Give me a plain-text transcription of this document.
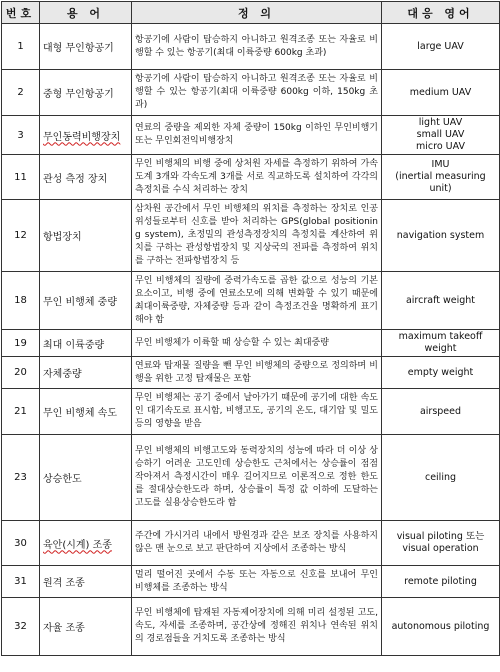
번호	용 어	정 의	대응 영어
1	대형 무인항공기	항공기에 사람이 탑승하지 아니하고 원격조종 또는 자율로 비행할 수 있는 항공기(최대 이륙중량 600kg 초과)	large UAV
2	중형 무인항공기	항공기에 사람이 탑승하지 아니하고 원격조종 또는 자율로 비행할 수 있는 항공기(최대 이륙중량 600kg 이하, 150kg 초과)	medium UAV
3	무인동력비행장치	연료의 중량을 제외한 자체 중량이 150kg 이하인 무인비행기 또는 무인회전익비행장치	light UAV
small UAV
micro UAV
11	관성 측정 장치	무인 비행체의 비행 중에 상처원 자세를 측정하기 위하여 가속도계 3개와 각속도계 3개를 서로 직교하도록 설치하여 각각의 측정치를 수식 처리하는 장치	IMU
(inertial measuring
unit)
12	항법장치	삼차원 공간에서 무인 비행체의 위치를 측정하는 장치로 인공위성들로부터 신호를 받아 처리하는 GPS(global positioning system), 초정밀의 관성측정장치의 측정치를 계산하여 위치를 구하는 관성항법장치 및 지상국의 전파를 측정하여 위치를 구하는 전파항법장치 등	navigation system
18	무인 비행체 중량	무인 비행체의 질량에 중력가속도를 곱한 값으로 성능의 기본요소이고, 비행 중에 연료소모에 의해 변화할 수 있기 때문에 최대이륙중량, 자체중량 등과 같이 측정조건을 명확하게 표기해야 함	aircraft weight
19	최대 이륙중량	무인 비행체가 이륙할 때 상승할 수 있는 최대중량	maximum takeoff
weight
20	자체중량	연료와 탑재물 질량을 뺀 무인 비행체의 중량으로 정의하며 비행을 위한 고정 탑재물은 포함	empty weight
21	무인 비행체 속도	무인 비행체는 공기 중에서 날아가기 때문에 공기에 대한 속도인 대기속도로 표시함, 비행고도, 공기의 온도, 대기압 및 밀도 등의 영향을 받음	airspeed
23	상승한도	무인 비행체의 비행고도와 동력장치의 성능에 따라 더 이상 상승하기 어려운 고도인데 상승한도 근처에서는 상승률이 점점 작아져서 측정시간이 매우 길어지므로 이론적으로 정한 한도를 절대상승한도라 하며, 상승률이 특정 값 이하에 도달하는 고도를 실용상승한도라 함	ceiling
30	육안(시계) 조종	주간에 가시거리 내에서 방원경과 같은 보조 장치를 사용하지 않은 맨 눈으로 보고 판단하여 지상에서 조종하는 방식	visual piloting 또는
visual operation
31	원격 조종	멀리 떨어진 곳에서 수동 또는 자동으로 신호를 보내어 무인 비행체를 조종하는 방식	remote piloting
32	자율 조종	무인 비행체에 탑재된 자동제어장치에 의해 미리 설정된 고도, 속도, 자세를 조종하며, 공간상에 정해진 위치나 연속된 위치의 경로점들을 거치도록 조종하는 방식	autonomous piloting
